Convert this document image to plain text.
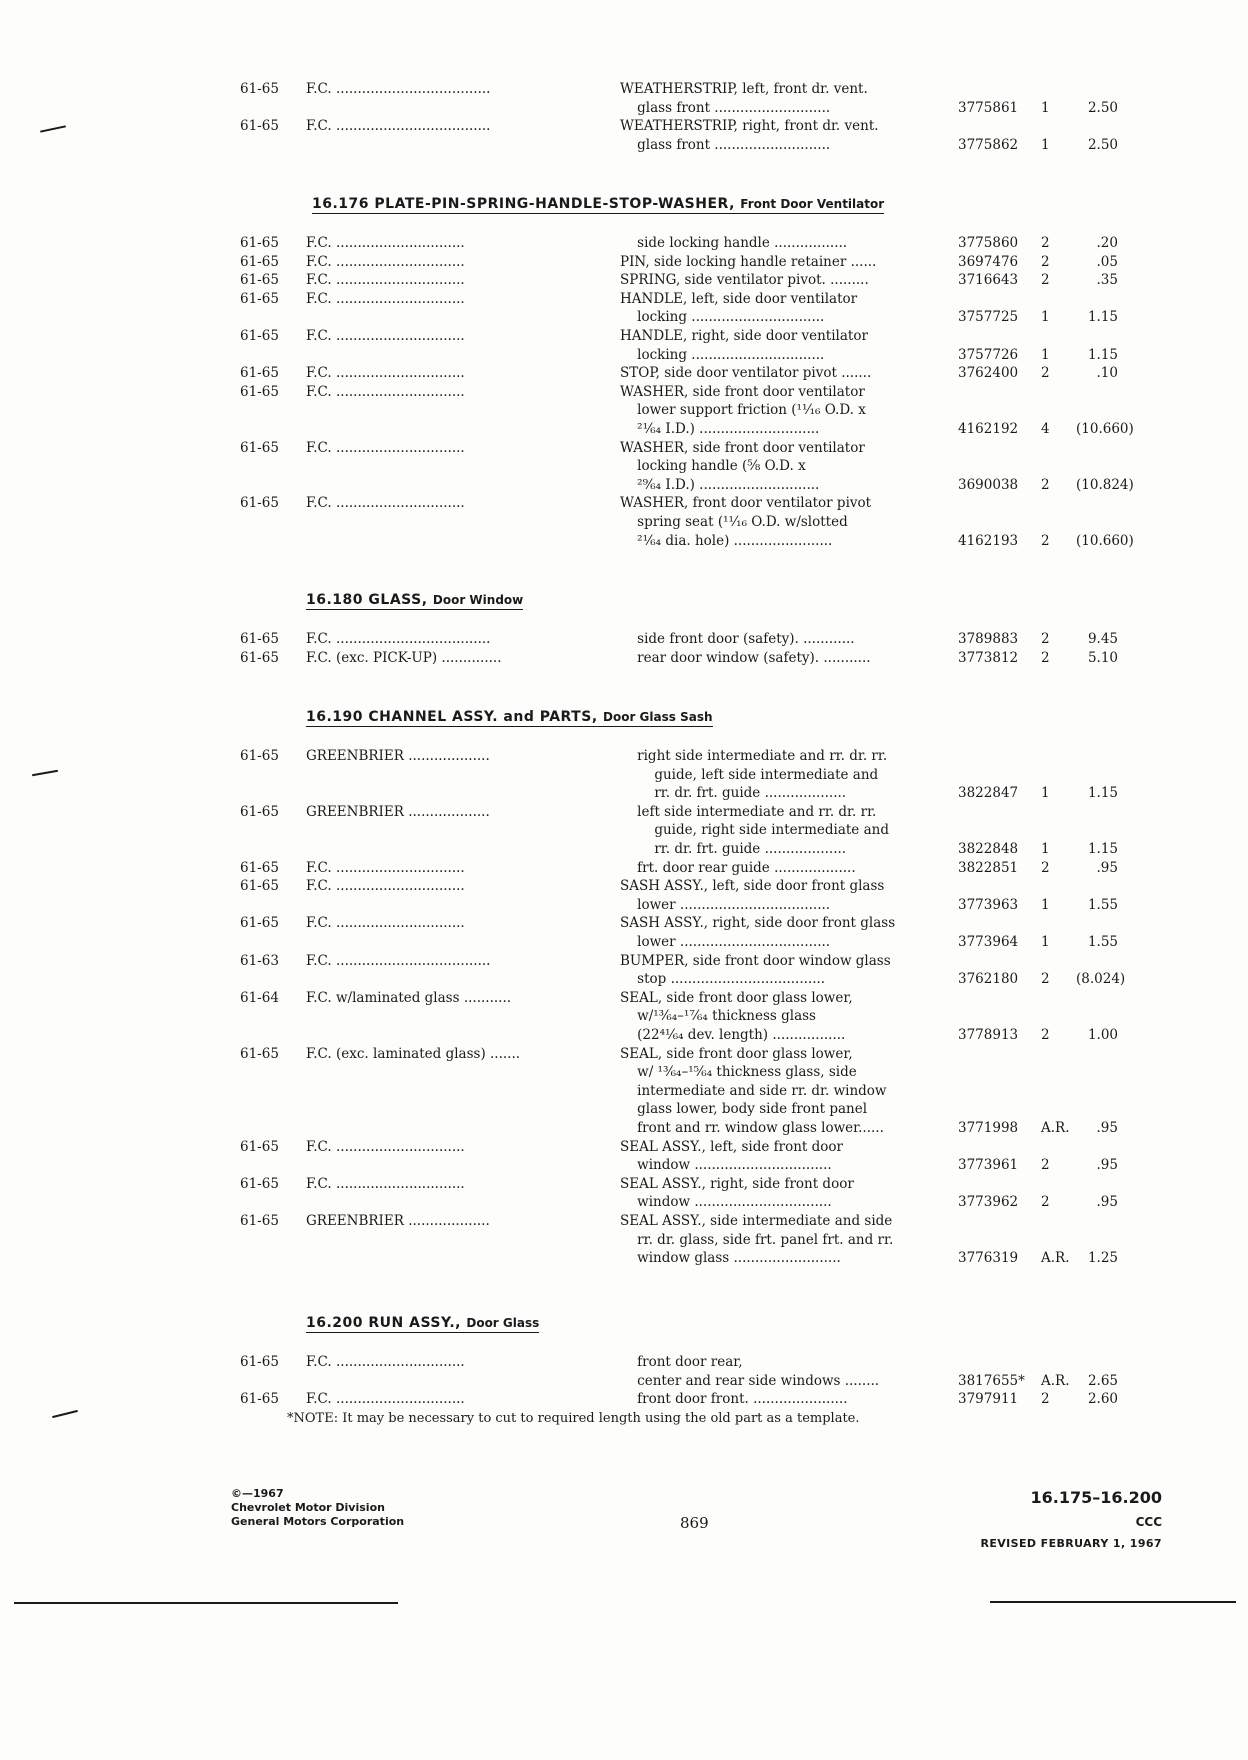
61-65 F.C. ....................................	WEATHERSTRIP, left, front dr. vent.
glass front ...........................	3775861 1	2.50
61-65 F.C. ....................................	WEATHERSTRIP, right, front dr. vent.
glass front ...........................	3775862 1	2.50
16.176 PLATE-PIN-SPRING-HANDLE-STOP-WASHER, Front Door Ventilator
61-65 F.C. ..............................	side locking handle .................	3775860 2	.20
61-65 F.C. ..............................	PIN, side locking handle retainer ......	3697476 2	.05
61-65 F.C. ..............................	SPRING, side ventilator pivot. .........	3716643 2	.35
61-65 F.C. ..............................	HANDLE, left, side door ventilator
locking ...............................	3757725 1	1.15
61-65 F.C. ..............................	HANDLE, right, side door ventilator
locking ...............................	3757726 1	1.15
61-65 F.C. ..............................	STOP, side door ventilator pivot .......	3762400 2	.10
61-65 F.C. ..............................	WASHER, side front door ventilator
lower support friction (¹¹⁄₁₆ O.D. x
²¹⁄₆₄ I.D.) ............................	4162192 4 (10.660)
61-65 F.C. ..............................	WASHER, side front door ventilator
locking handle (⅝ O.D. x
²⁹⁄₆₄ I.D.) ............................	3690038 2 (10.824)
61-65 F.C. ..............................	WASHER, front door ventilator pivot
spring seat (¹¹⁄₁₆ O.D. w/slotted
²¹⁄₆₄ dia. hole) .......................	4162193 2 (10.660)
16.180 GLASS, Door Window
61-65 F.C. ....................................	side front door (safety). ............	3789883 2	9.45
61-65 F.C. (exc. PICK-UP) ..............	rear door window (safety). ...........	3773812 2	5.10
16.190 CHANNEL ASSY. and PARTS, Door Glass Sash
61-65 GREENBRIER ...................	right side intermediate and rr. dr. rr.
guide, left side intermediate and
rr. dr. frt. guide ...................	3822847 1	1.15
61-65 GREENBRIER ...................	left side intermediate and rr. dr. rr.
guide, right side intermediate and
rr. dr. frt. guide ...................	3822848 1	1.15
61-65 F.C. ..............................	frt. door rear guide ...................	3822851 2	.95
61-65 F.C. ..............................	SASH ASSY., left, side door front glass
lower ...................................	3773963 1	1.55
61-65 F.C. ..............................	SASH ASSY., right, side door front glass
lower ...................................	3773964 1	1.55
61-63 F.C. ....................................	BUMPER, side front door window glass
stop ....................................	3762180 2 (8.024)
61-64 F.C. w/laminated glass ...........	SEAL, side front door glass lower,
w/¹³⁄₆₄–¹⁷⁄₆₄ thickness glass
(22⁴¹⁄₆₄ dev. length) .................	3778913 2	1.00
61-65 F.C. (exc. laminated glass) .......	SEAL, side front door glass lower,
w/ ¹³⁄₆₄–¹⁵⁄₆₄ thickness glass, side
intermediate and side rr. dr. window
glass lower, body side front panel
front and rr. window glass lower......	3771998 A.R.	.95
61-65 F.C. ..............................	SEAL ASSY., left, side front door
window ................................	3773961 2	.95
61-65 F.C. ..............................	SEAL ASSY., right, side front door
window ................................	3773962 2	.95
61-65 GREENBRIER ...................	SEAL ASSY., side intermediate and side
rr. dr. glass, side frt. panel frt. and rr.
window glass .........................	3776319 A.R.	1.25
16.200 RUN ASSY., Door Glass
61-65 F.C. ..............................	front door rear,
center and rear side windows ........	3817655* A.R.	2.65
61-65 F.C. ..............................	front door front. ......................	3797911 2	2.60
*NOTE: It may be necessary to cut to required length using the old part as a template.
©—1967
Chevrolet Motor Division
General Motors Corporation	869
16.175–16.200
CCC
REVISED FEBRUARY 1, 1967
